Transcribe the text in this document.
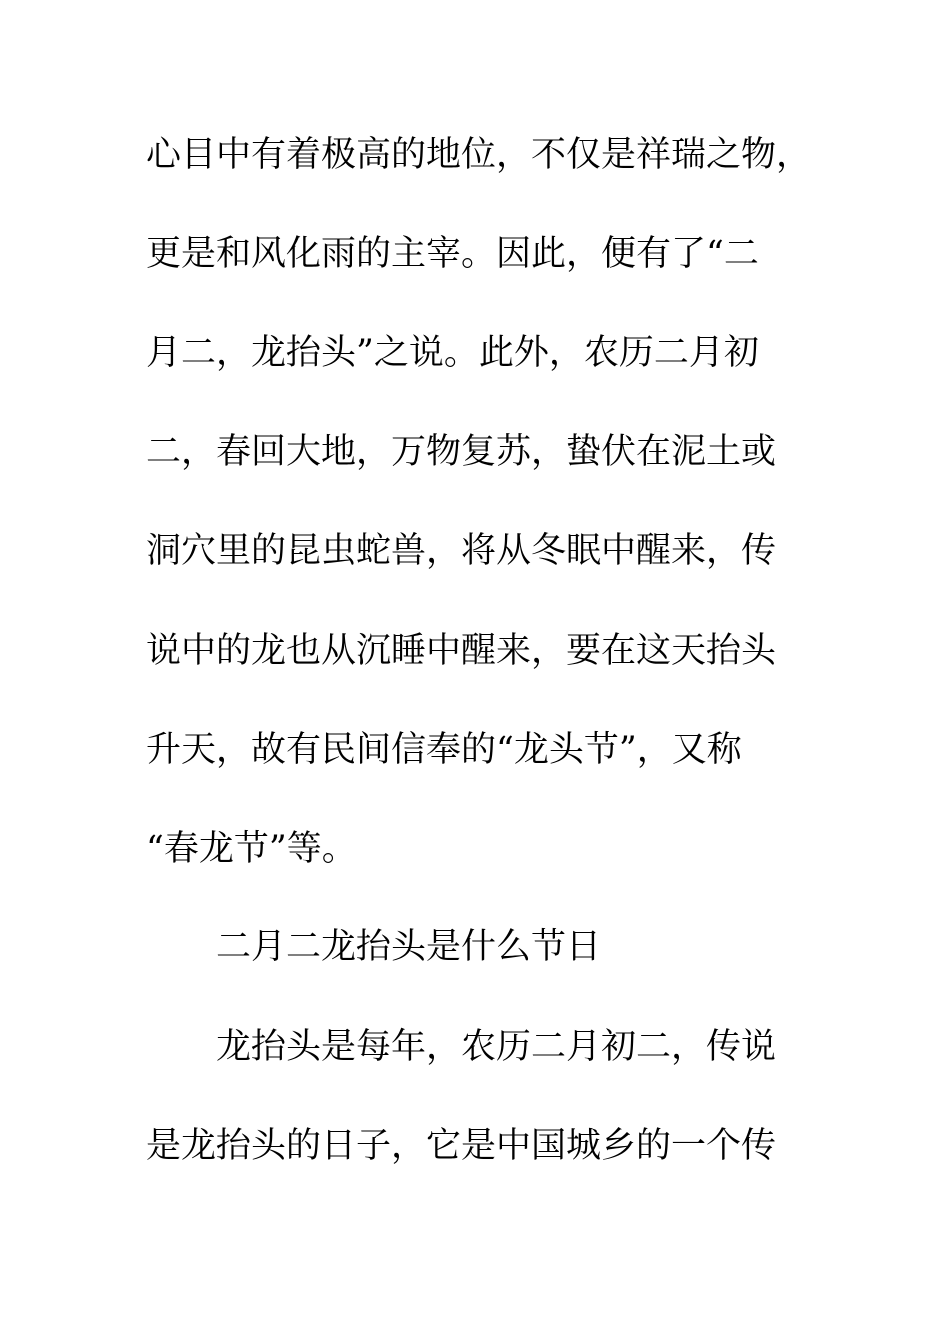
心目中有着极高的地位，不仅是祥瑞之物，
更是和风化雨的主宰。因此，便有了“二
月二，龙抬头”之说。此外，农历二月初
二，春回大地，万物复苏，蛰伏在泥土或
洞穴里的昆虫蛇兽，将从冬眠中醒来，传
说中的龙也从沉睡中醒来，要在这天抬头
升天，故有民间信奉的“龙头节”，又称
“春龙节”等。
二月二龙抬头是什么节日
龙抬头是每年，农历二月初二，传说
是龙抬头的日子，它是中国城乡的一个传
